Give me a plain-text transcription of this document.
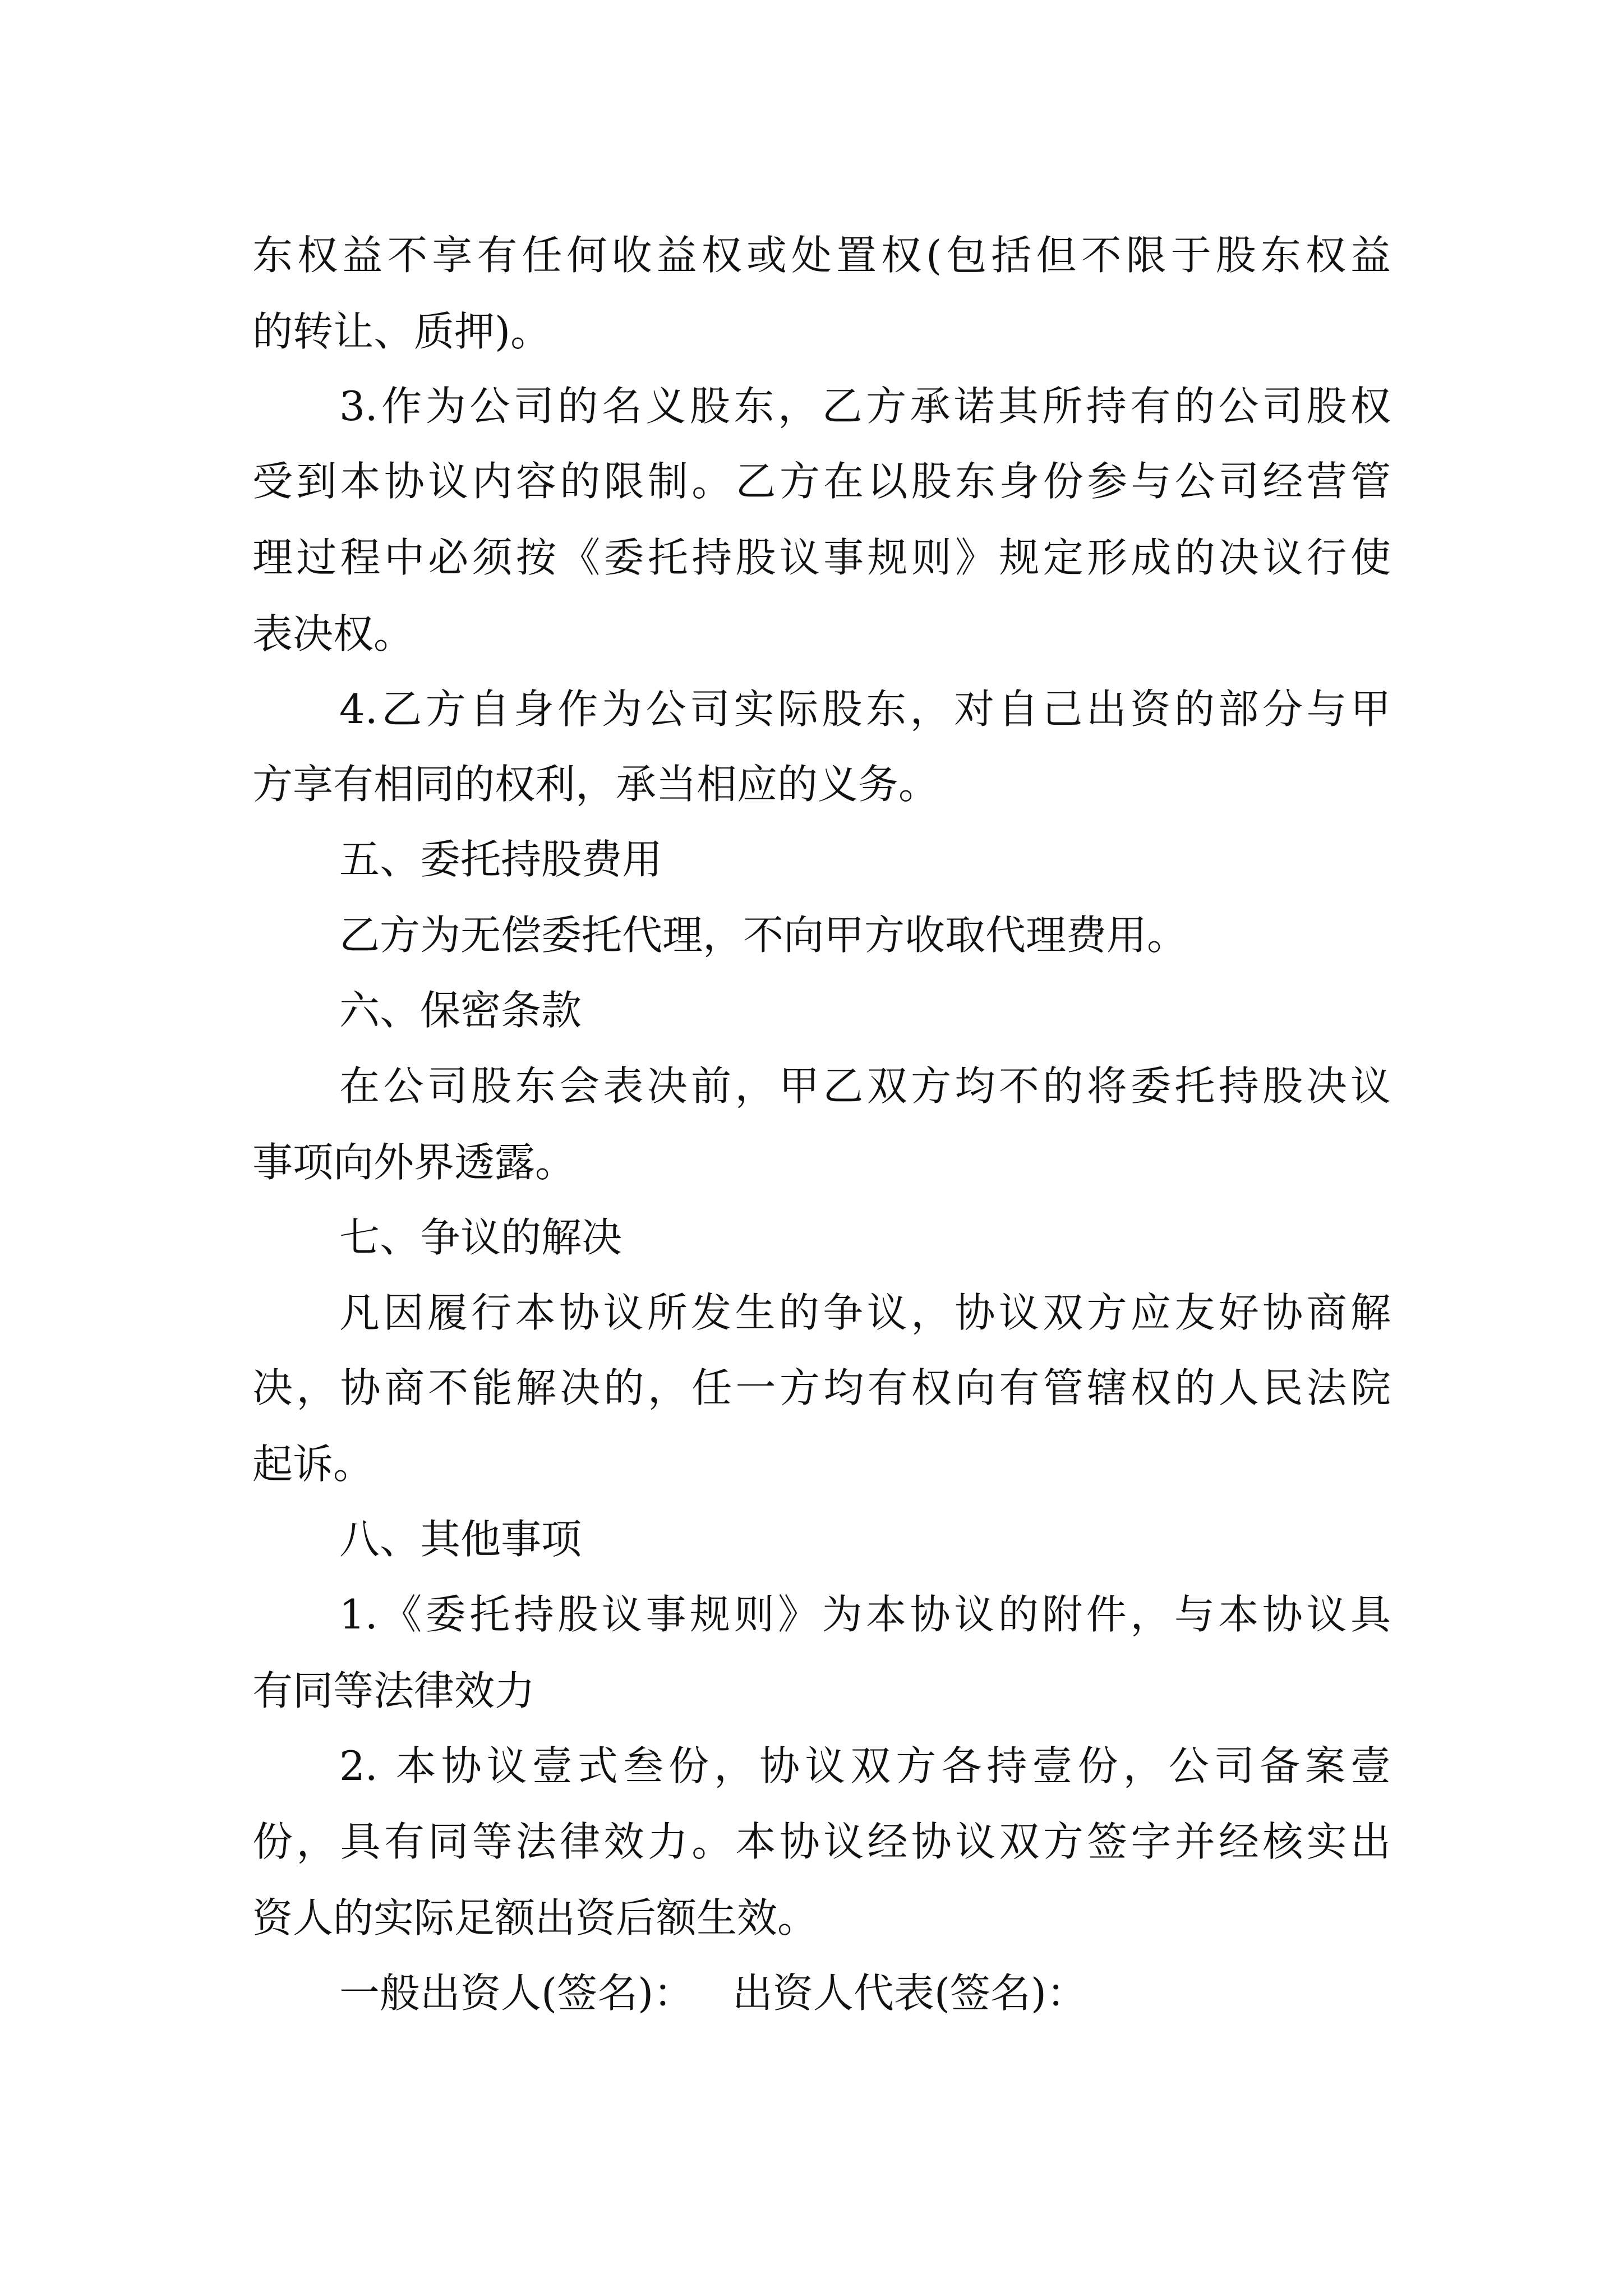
东权益不享有任何收益权或处置权(包括但不限于股东权益
的转让、质押)。
3.作为公司的名义股东，乙方承诺其所持有的公司股权
受到本协议内容的限制。乙方在以股东身份参与公司经营管
理过程中必须按《委托持股议事规则》规定形成的决议行使
表决权。
4.乙方自身作为公司实际股东，对自己出资的部分与甲
方享有相同的权利，承当相应的义务。
五、委托持股费用
乙方为无偿委托代理，不向甲方收取代理费用。
六、保密条款
在公司股东会表决前，甲乙双方均不的将委托持股决议
事项向外界透露。
七、争议的解决
凡因履行本协议所发生的争议，协议双方应友好协商解
决，协商不能解决的，任一方均有权向有管辖权的人民法院
起诉。
八、其他事项
1.《委托持股议事规则》为本协议的附件，与本协议具
有同等法律效力
2. 本协议壹式叁份，协议双方各持壹份，公司备案壹
份，具有同等法律效力。本协议经协议双方签字并经核实出
资人的实际足额出资后额生效。
一般出资人(签名)：   出资人代表(签名)：
